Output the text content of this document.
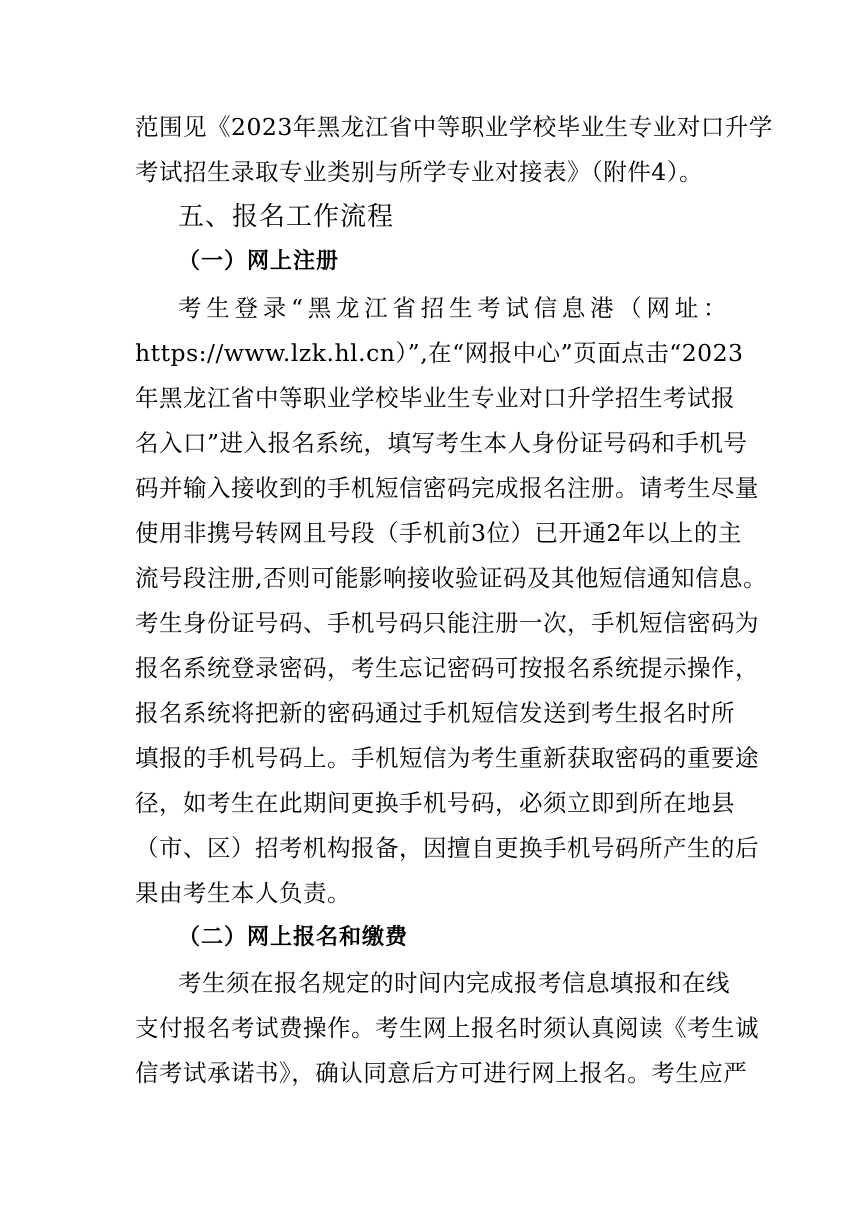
范围见《2023年黑龙江省中等职业学校毕业生专业对口升学
考试招生录取专业类别与所学专业对接表》（附件4）。
五、报名工作流程
（一）网上注册
考生登录“黑龙江省招生考试信息港（网址：
https://www.lzk.hl.cn）”,在“网报中心”页面点击“2023
年黑龙江省中等职业学校毕业生专业对口升学招生考试报
名入口”进入报名系统，填写考生本人身份证号码和手机号
码并输入接收到的手机短信密码完成报名注册。请考生尽量
使用非携号转网且号段（手机前3位）已开通2年以上的主
流号段注册,否则可能影响接收验证码及其他短信通知信息。
考生身份证号码、手机号码只能注册一次，手机短信密码为
报名系统登录密码，考生忘记密码可按报名系统提示操作，
报名系统将把新的密码通过手机短信发送到考生报名时所
填报的手机号码上。手机短信为考生重新获取密码的重要途
径，如考生在此期间更换手机号码，必须立即到所在地县
（市、区）招考机构报备，因擅自更换手机号码所产生的后
果由考生本人负责。
（二）网上报名和缴费
考生须在报名规定的时间内完成报考信息填报和在线
支付报名考试费操作。考生网上报名时须认真阅读《考生诚
信考试承诺书》，确认同意后方可进行网上报名。考生应严
